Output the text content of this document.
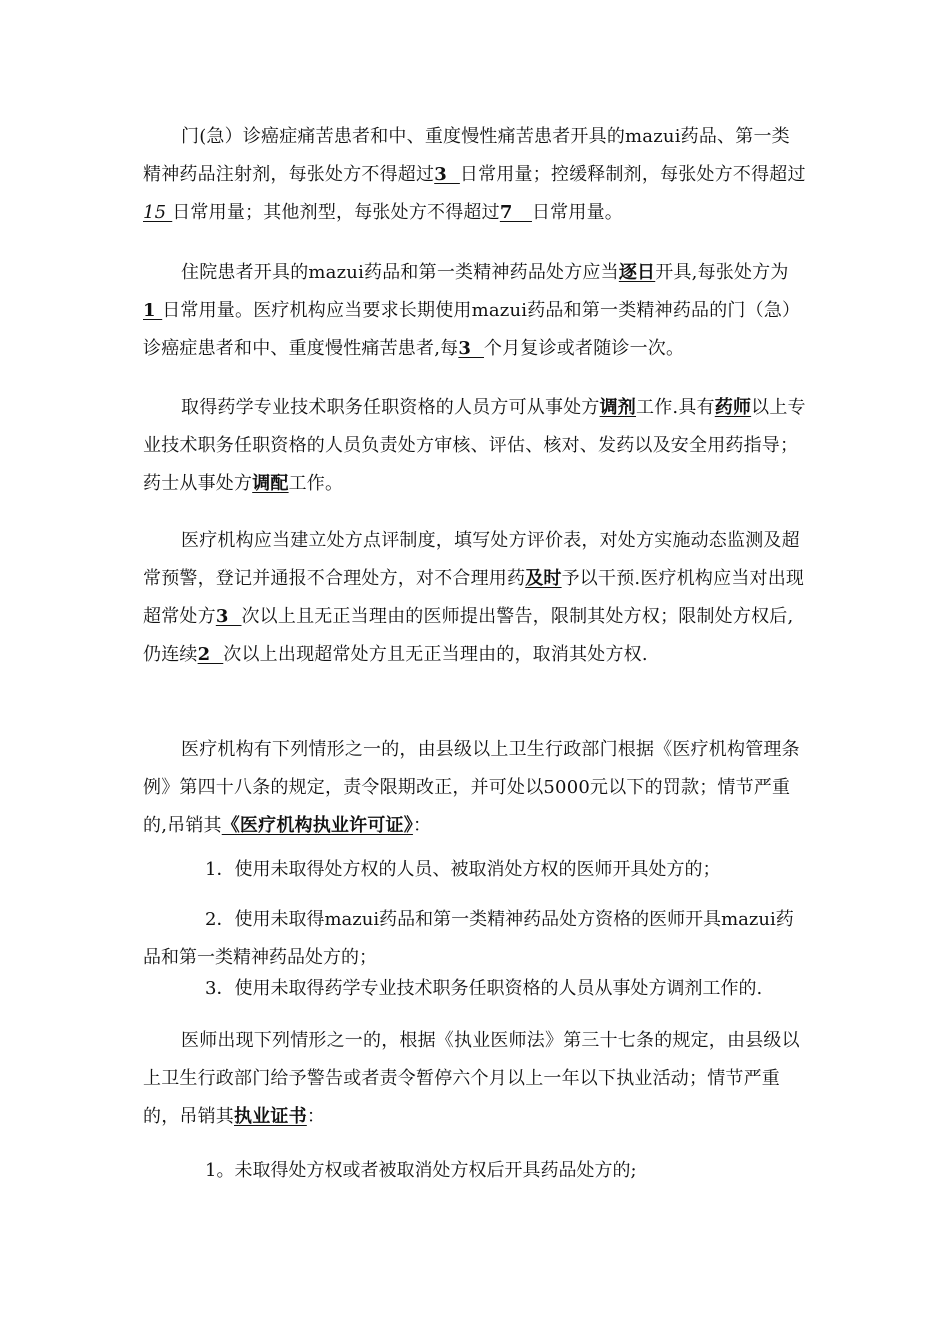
门(急）诊癌症痛苦患者和中、重度慢性痛苦患者开具的mazui药品、第一类精神药品注射剂，每张处方不得超过3  日常用量；控缓释制剂，每张处方不得超过15 日常用量；其他剂型，每张处方不得超过7   日常用量。

住院患者开具的mazui药品和第一类精神药品处方应当逐日开具,每张处方为1 日常用量。医疗机构应当要求长期使用mazui药品和第一类精神药品的门（急）诊癌症患者和中、重度慢性痛苦患者,每3  个月复诊或者随诊一次。

取得药学专业技术职务任职资格的人员方可从事处方调剂工作.具有药师以上专业技术职务任职资格的人员负责处方审核、评估、核对、发药以及安全用药指导；药士从事处方调配工作。

医疗机构应当建立处方点评制度，填写处方评价表，对处方实施动态监测及超常预警，登记并通报不合理处方，对不合理用药及时予以干预.医疗机构应当对出现超常处方3  次以上且无正当理由的医师提出警告，限制其处方权；限制处方权后,仍连续2  次以上出现超常处方且无正当理由的，取消其处方权.

医疗机构有下列情形之一的，由县级以上卫生行政部门根据《医疗机构管理条例》第四十八条的规定，责令限期改正，并可处以5000元以下的罚款；情节严重的,吊销其《医疗机构执业许可证》：

1．使用未取得处方权的人员、被取消处方权的医师开具处方的；

2．使用未取得mazui药品和第一类精神药品处方资格的医师开具mazui药品和第一类精神药品处方的；

3．使用未取得药学专业技术职务任职资格的人员从事处方调剂工作的.

医师出现下列情形之一的，根据《执业医师法》第三十七条的规定，由县级以上卫生行政部门给予警告或者责令暂停六个月以上一年以下执业活动；情节严重的，吊销其执业证书：

1。未取得处方权或者被取消处方权后开具药品处方的;
